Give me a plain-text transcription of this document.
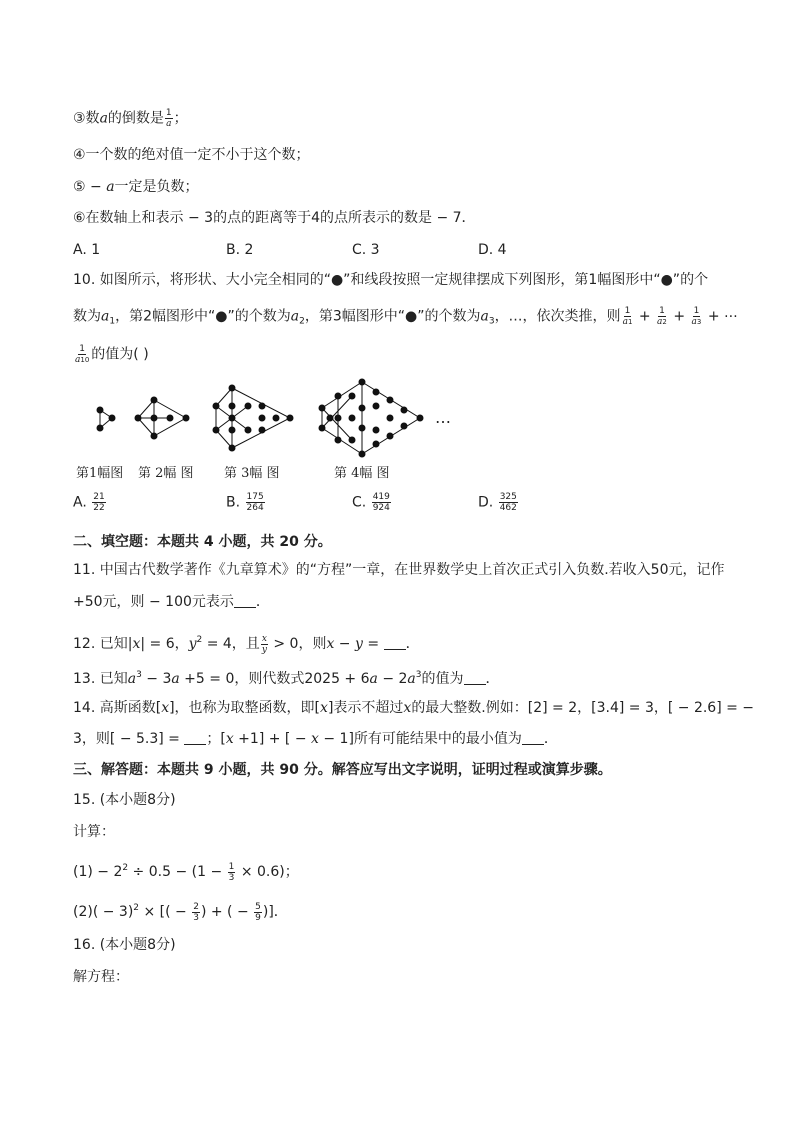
③数a的倒数是 $\frac{1}{a}$ ；
④一个数的绝对值一定不小于这个数；
⑤ − a一定是负数；
⑥在数轴上和表示 − 3的点的距离等于4的点所表示的数是 − 7．
A. 1	B. 2	C. 3	D. 4
10. 如图所示，将形状、大小完全相同的“●”和线段按照一定规律摆成下列图形，第1幅图形中“●”的个
数为$a_1$，第2幅图形中“●”的个数为$a_2$，第3幅图形中“●”的个数为$a_3$，…，依次类推，则 $\frac{1}{a1} + \frac{1}{a2} + \frac{1}{a3}$ + ⋯
$\frac{1}{a10}$ 的值为( )
…
第1幅图 第 2幅 图 第 3幅 图	第 4幅 图
A. $\frac{21}{22}$	B. $\frac{175}{264}$	C. $\frac{419}{924}$	D. $\frac{325}{462}$
二、填空题：本题共 4 小题，共 20 分。
11. 中国古代数学著作《九章算术》的“方程”一章，在世界数学史上首次正式引入负数.若收入50元，记作
+50元，则 − 100元表示 ．
12. 已知|x| = 6，$y^2 = 4$，且 $\frac{x}{y} > 0$，则x − y = ．
13. 已知$a^3 - 3a +5 = 0$，则代数式$2025 + 6a - 2a^3$的值为 ．
14. 高斯函数[x]，也称为取整函数，即[x]表示不超过x的最大整数.例如：[2] = 2，[3.4] = 3，[ − 2.6] = −
3，则[ − 5.3] = ；[x +1] + [ − x − 1]所有可能结果中的最小值为 ．
三、解答题：本题共 9 小题，共 90 分。解答应写出文字说明，证明过程或演算步骤。
15. (本小题8分)
计算：
$(1) - 2^2 \div 0.5 - (1 - \frac{1}{3} \times 0.6)$；
$(2)( - 3)^2$ × [( − $\frac{2}{3}$ ) + ( − $\frac{5}{9}$ )]．
16. (本小题8分)
解方程：
